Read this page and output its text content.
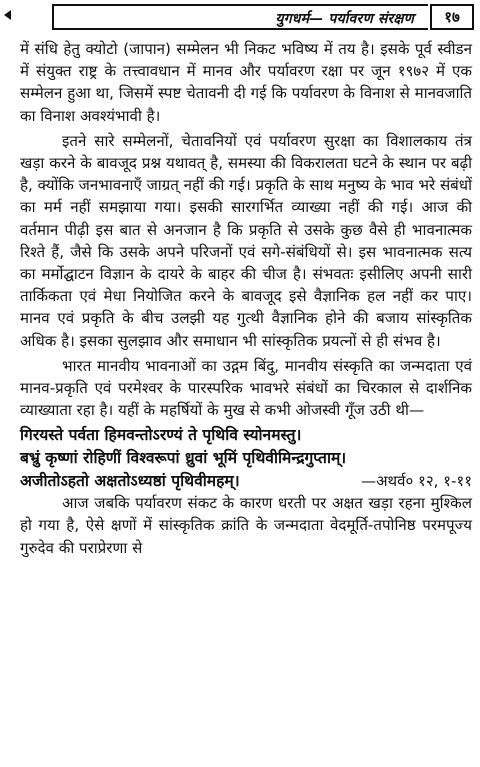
युगधर्म— पर्यावरण संरक्षण	१७

में संधि हेतु क्योटो (जापान) सम्मेलन भी निकट भविष्य में तय है। इसके पूर्व स्वीडन में संयुक्त राष्ट्र के तत्त्वावधान में मानव और पर्यावरण रक्षा पर जून १९७२ में एक सम्मेलन हुआ था, जिसमें स्पष्ट चेतावनी दी गई कि पर्यावरण के विनाश से मानवजाति का विनाश अवश्यंभावी है।

इतने सारे सम्मेलनों, चेतावनियों एवं पर्यावरण सुरक्षा का विशालकाय तंत्र खड़ा करने के बावजूद प्रश्न यथावत् है, समस्या की विकरालता घटने के स्थान पर बढ़ी है, क्योंकि जनभावनाएँ जाग्रत् नहीं की गई। प्रकृति के साथ मनुष्य के भाव भरे संबंधों का मर्म नहीं समझाया गया। इसकी सारगर्भित व्याख्या नहीं की गई। आज की वर्तमान पीढ़ी इस बात से अनजान है कि प्रकृति से उसके कुछ वैसे ही भावनात्मक रिश्ते हैं, जैसे कि उसके अपने परिजनों एवं सगे-संबंधियों से। इस भावनात्मक सत्य का मर्मोद्घाटन विज्ञान के दायरे के बाहर की चीज है। संभवतः इसीलिए अपनी सारी तार्किकता एवं मेधा नियोजित करने के बावजूद इसे वैज्ञानिक हल नहीं कर पाए। मानव एवं प्रकृति के बीच उलझी यह गुत्थी वैज्ञानिक होने की बजाय सांस्कृतिक अधिक है। इसका सुलझाव और समाधान भी सांस्कृतिक प्रयत्नों से ही संभव है।

भारत मानवीय भावनाओं का उद्गम बिंदु, मानवीय संस्कृति का जन्मदाता एवं मानव-प्रकृति एवं परमेश्वर के पारस्परिक भावभरे संबंधों का चिरकाल से दार्शनिक व्याख्याता रहा है। यहीं के महर्षियों के मुख से कभी ओजस्वी गूँज उठी थी—

गिरयस्ते पर्वता हिमवन्तोऽरण्यं ते पृथिवि स्योनमस्तु।
बभ्रुं कृष्णां रोहिणीं विश्वरूपां ध्रुवां भूमिं पृथिवीमिन्द्रगुप्ताम्।
अजीतोऽहतो अक्षतोऽध्यष्ठां पृथिवीमहम्।	—अथर्व० १२, १-११

आज जबकि पर्यावरण संकट के कारण धरती पर अक्षत खड़ा रहना मुश्किल हो गया है, ऐसे क्षणों में सांस्कृतिक क्रांति के जन्मदाता वेदमूर्ति-तपोनिष्ठ परमपूज्य गुरुदेव की पराप्रेरणा से
